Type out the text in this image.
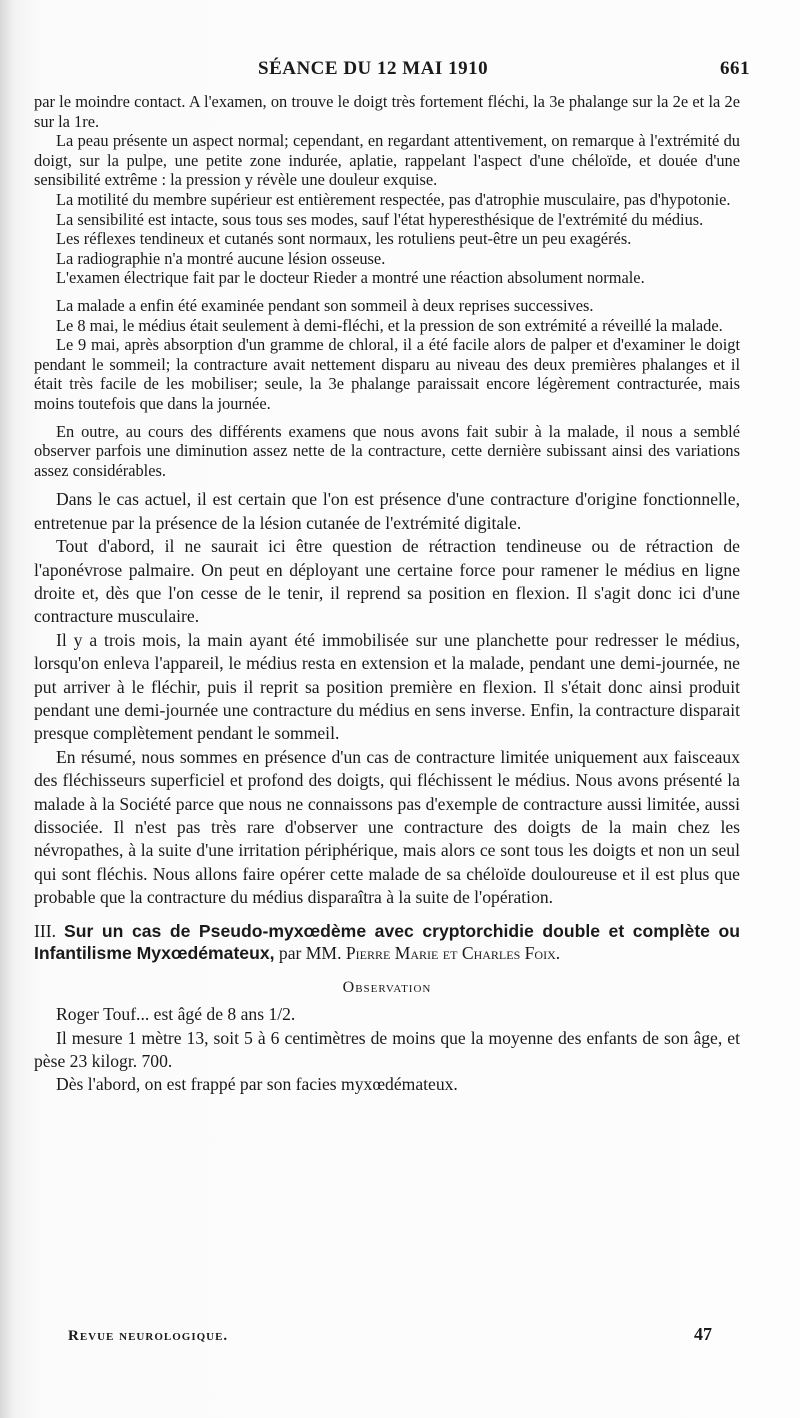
SÉANCE DU 12 MAI 1910	661

par le moindre contact. A l'examen, on trouve le doigt très fortement fléchi, la 3e phalange sur la 2e et la 2e sur la 1re.

La peau présente un aspect normal; cependant, en regardant attentivement, on remarque à l'extrémité du doigt, sur la pulpe, une petite zone indurée, aplatie, rappelant l'aspect d'une chéloïde, et douée d'une sensibilité extrême : la pression y révèle une douleur exquise.

La motilité du membre supérieur est entièrement respectée, pas d'atrophie musculaire, pas d'hypotonie.

La sensibilité est intacte, sous tous ses modes, sauf l'état hyperesthésique de l'extrémité du médius.

Les réflexes tendineux et cutanés sont normaux, les rotuliens peut-être un peu exagérés.

La radiographie n'a montré aucune lésion osseuse.

L'examen électrique fait par le docteur Rieder a montré une réaction absolument normale.

La malade a enfin été examinée pendant son sommeil à deux reprises successives.

Le 8 mai, le médius était seulement à demi-fléchi, et la pression de son extrémité a réveillé la malade.

Le 9 mai, après absorption d'un gramme de chloral, il a été facile alors de palper et d'examiner le doigt pendant le sommeil; la contracture avait nettement disparu au niveau des deux premières phalanges et il était très facile de les mobiliser; seule, la 3e phalange paraissait encore légèrement contracturée, mais moins toutefois que dans la journée.

En outre, au cours des différents examens que nous avons fait subir à la malade, il nous a semblé observer parfois une diminution assez nette de la contracture, cette dernière subissant ainsi des variations assez considérables.

Dans le cas actuel, il est certain que l'on est présence d'une contracture d'origine fonctionnelle, entretenue par la présence de la lésion cutanée de l'extrémité digitale.

Tout d'abord, il ne saurait ici être question de rétraction tendineuse ou de rétraction de l'aponévrose palmaire. On peut en déployant une certaine force pour ramener le médius en ligne droite et, dès que l'on cesse de le tenir, il reprend sa position en flexion. Il s'agit donc ici d'une contracture musculaire.

Il y a trois mois, la main ayant été immobilisée sur une planchette pour redresser le médius, lorsqu'on enleva l'appareil, le médius resta en extension et la malade, pendant une demi-journée, ne put arriver à le fléchir, puis il reprit sa position première en flexion. Il s'était donc ainsi produit pendant une demi-journée une contracture du médius en sens inverse. Enfin, la contracture disparait presque complètement pendant le sommeil.

En résumé, nous sommes en présence d'un cas de contracture limitée uniquement aux faisceaux des fléchisseurs superficiel et profond des doigts, qui fléchissent le médius. Nous avons présenté la malade à la Société parce que nous ne connaissons pas d'exemple de contracture aussi limitée, aussi dissociée. Il n'est pas très rare d'observer une contracture des doigts de la main chez les névropathes, à la suite d'une irritation périphérique, mais alors ce sont tous les doigts et non un seul qui sont fléchis. Nous allons faire opérer cette malade de sa chéloïde douloureuse et il est plus que probable que la contracture du médius disparaîtra à la suite de l'opération.

III. Sur un cas de Pseudo-myxœdème avec cryptorchidie double et complète ou Infantilisme Myxœdémateux, par MM. Pierre Marie et Charles Foix.
Observation

Roger Touf... est âgé de 8 ans 1/2.

Il mesure 1 mètre 13, soit 5 à 6 centimètres de moins que la moyenne des enfants de son âge, et pèse 23 kilogr. 700.

Dès l'abord, on est frappé par son facies myxœdémateux.

Revue neurologique.	47
